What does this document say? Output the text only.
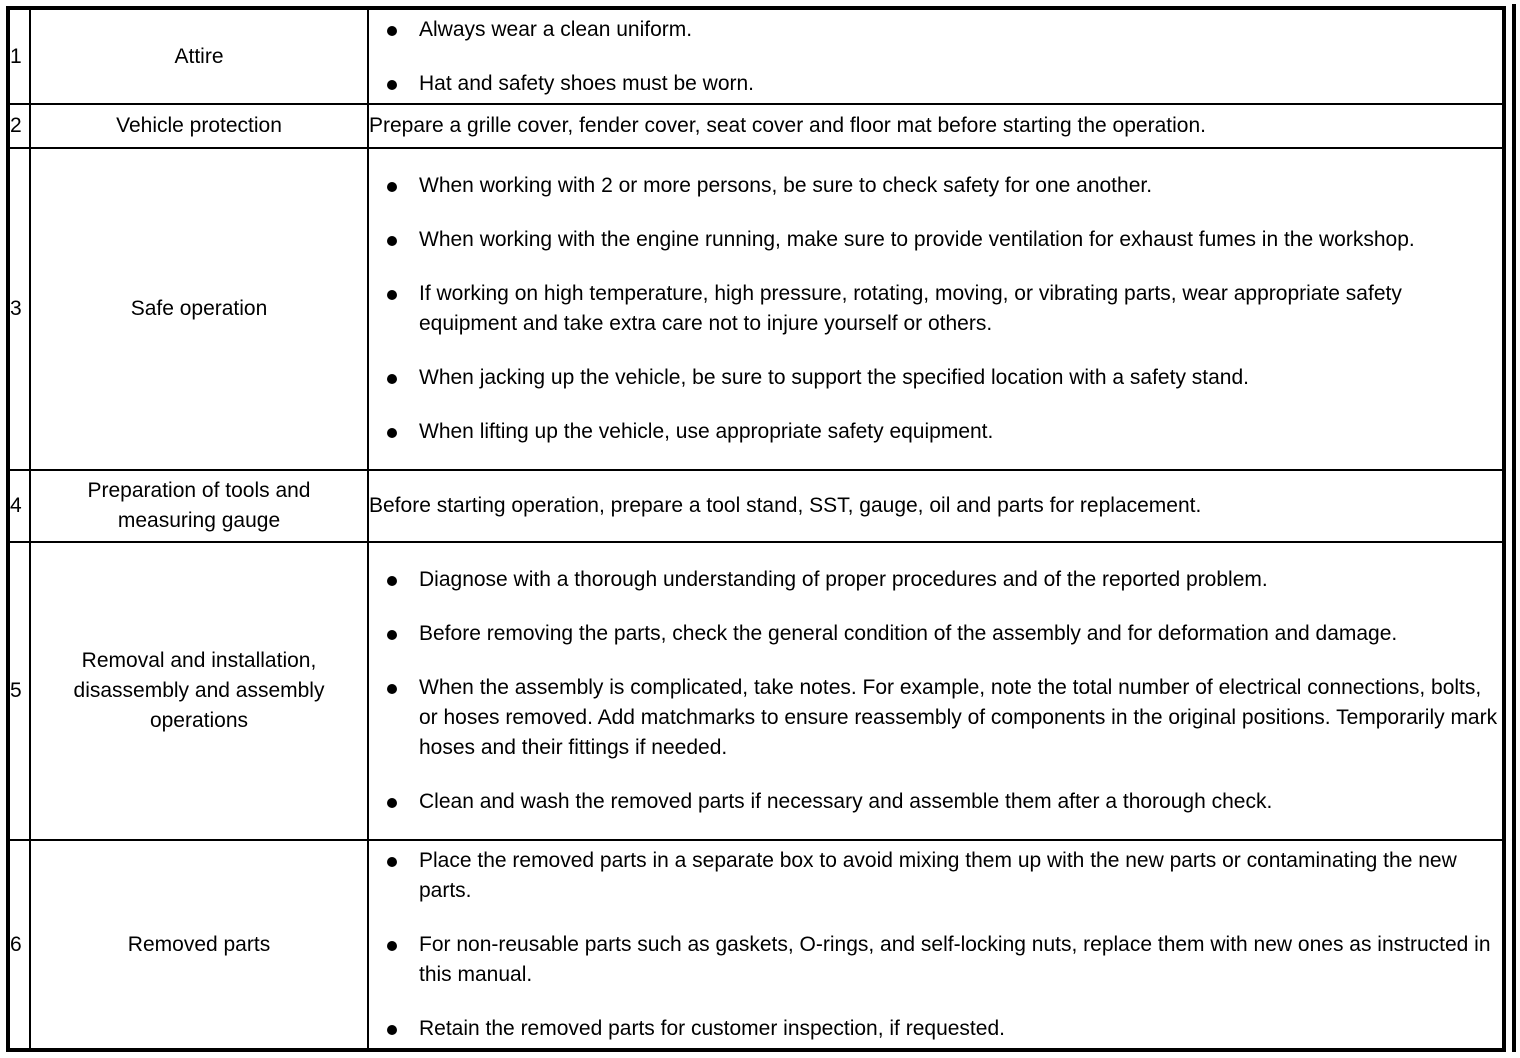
1	Attire	
Always wear a clean uniform.
Hat and safety shoes must be worn.

2	Vehicle protection	Prepare a grille cover, fender cover, seat cover and floor mat before starting the operation.

3	Safe operation	
When working with 2 or more persons, be sure to check safety for one another.
When working with the engine running, make sure to provide ventilation for exhaust fumes in the workshop.
If working on high temperature, high pressure, rotating, moving, or vibrating parts, wear appropriate safety equipment and take extra care not to injure yourself or others.
When jacking up the vehicle, be sure to support the specified location with a safety stand.
When lifting up the vehicle, use appropriate safety equipment.

4	Preparation of tools and measuring gauge	Before starting operation, prepare a tool stand, SST, gauge, oil and parts for replacement.

5	Removal and installation, disassembly and assembly operations	
Diagnose with a thorough understanding of proper procedures and of the reported problem.
Before removing the parts, check the general condition of the assembly and for deformation and damage.
When the assembly is complicated, take notes. For example, note the total number of electrical connections, bolts, or hoses removed. Add matchmarks to ensure reassembly of components in the original positions. Temporarily mark hoses and their fittings if needed.
Clean and wash the removed parts if necessary and assemble them after a thorough check.

6	Removed parts	
Place the removed parts in a separate box to avoid mixing them up with the new parts or contaminating the new parts.
For non-reusable parts such as gaskets, O-rings, and self-locking nuts, replace them with new ones as instructed in this manual.
Retain the removed parts for customer inspection, if requested.
